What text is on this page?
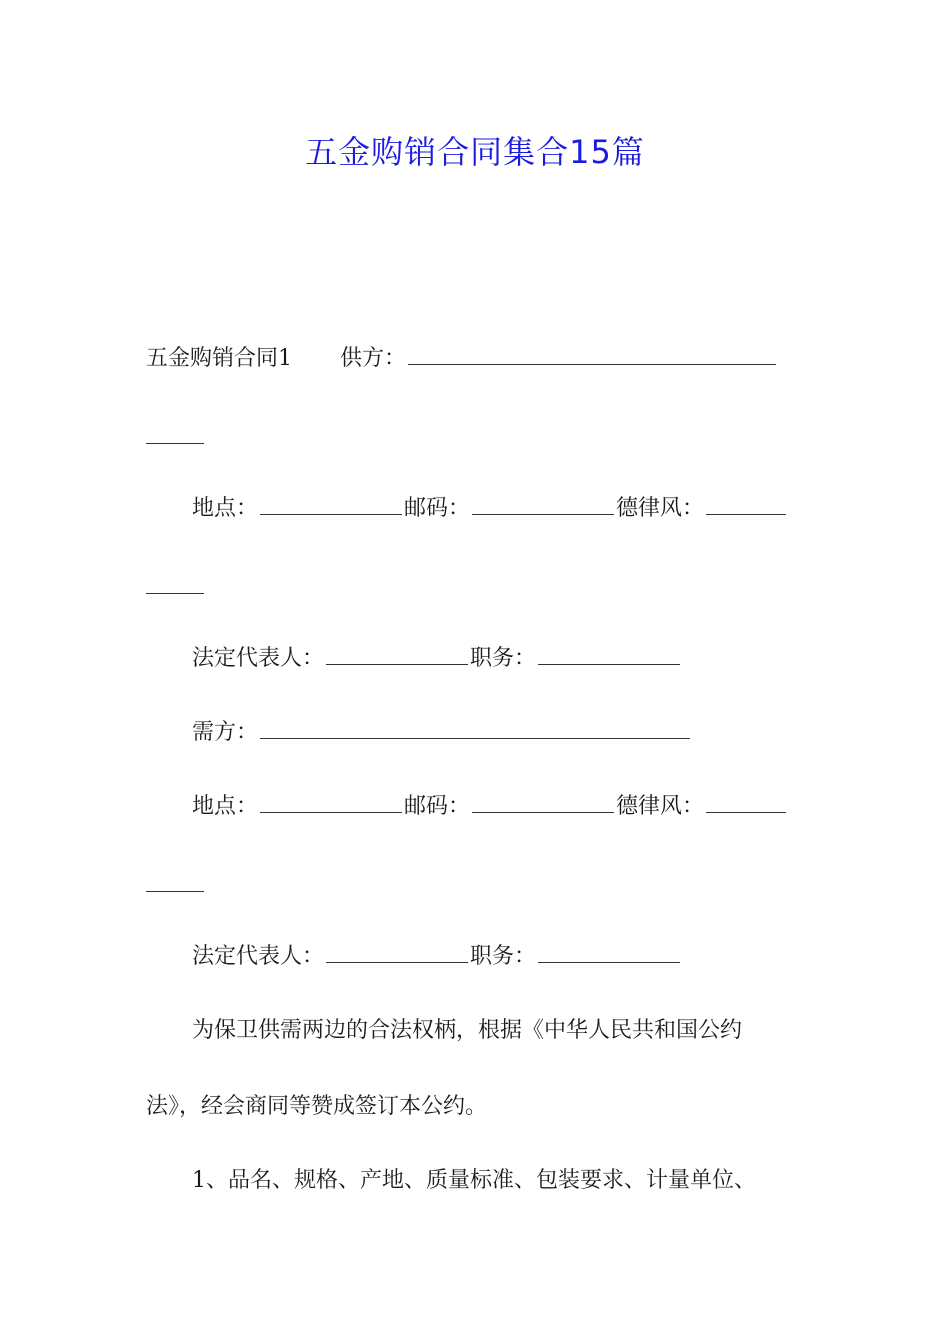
五金购销合同集合15篇
五金购销合同1 供方：
地点：	邮码：	德律风：
法定代表人：	职务：
需方：
地点：	邮码：	德律风：
法定代表人：	职务：
为保卫供需两边的合法权柄，根据《中华人民共和国公约
法》，经会商同等赞成签订本公约。
1、品名、规格、产地、质量标准、包装要求、计量单位、
